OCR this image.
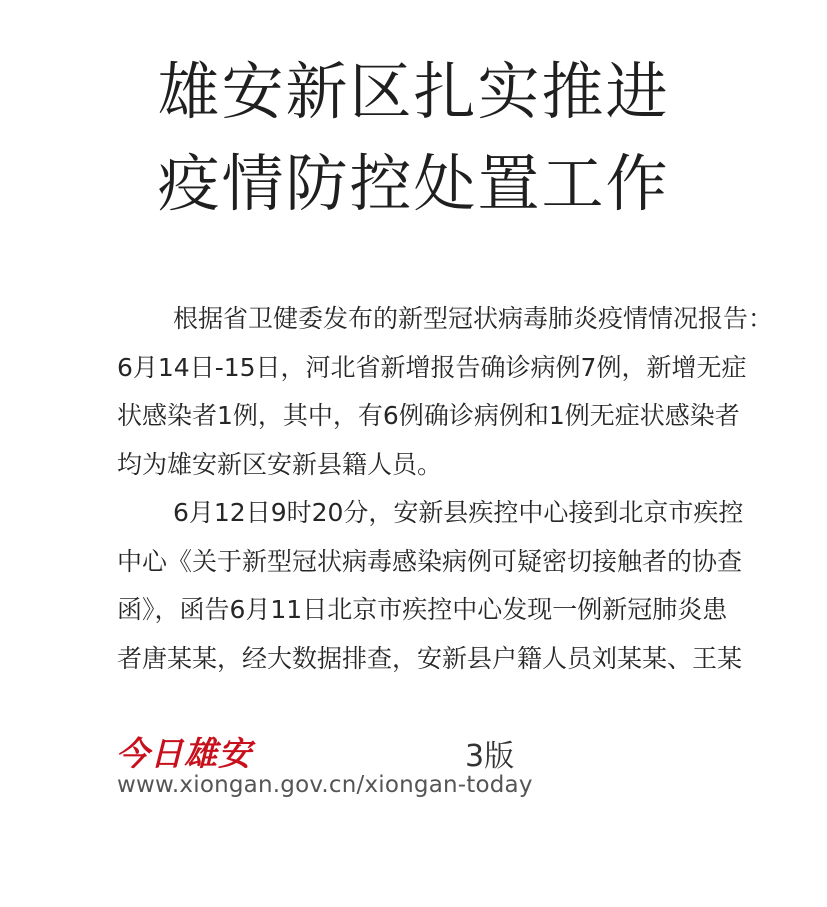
雄安新区扎实推进
疫情防控处置工作
根据省卫健委发布的新型冠状病毒肺炎疫情情况报告：
6月14日-15日，河北省新增报告确诊病例7例，新增无症
状感染者1例，其中，有6例确诊病例和1例无症状感染者
均为雄安新区安新县籍人员。
6月12日9时20分，安新县疾控中心接到北京市疾控
中心《关于新型冠状病毒感染病例可疑密切接触者的协查
函》，函告6月11日北京市疾控中心发现一例新冠肺炎患
者唐某某，经大数据排查，安新县户籍人员刘某某、王某
今日雄安	3版
www.xiongan.gov.cn/xiongan-today
